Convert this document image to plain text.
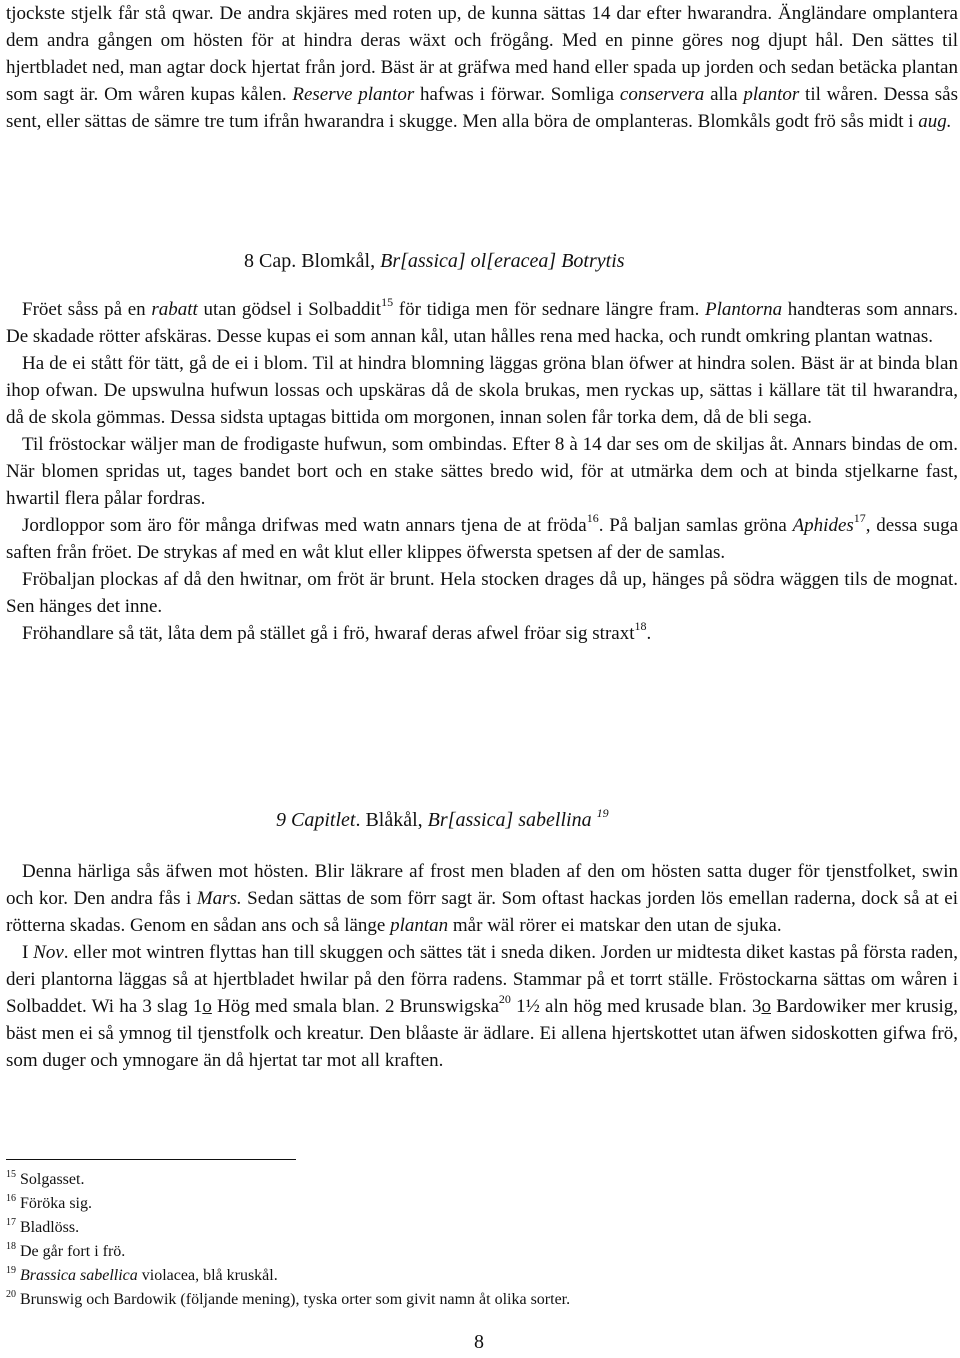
tjockste stjelk får stå qwar. De andra skjäres med roten up, de kunna sättas 14 dar efter hwarandra. Ängländare omplantera dem andra gången om hösten för at hindra deras wäxt och frögång. Med en pinne göres nog djupt hål. Den sättes til hjertbladet ned, man agtar dock hjertat från jord. Bäst är at gräfwa med hand eller spada up jorden och sedan betäcka plantan som sagt är. Om wåren kupas kålen. Reserve plantor hafwas i förwar. Somliga conservera alla plantor til wåren. Dessa sås sent, eller sättas de sämre tre tum ifrån hwarandra i skugge. Men alla böra de omplanteras. Blomkåls godt frö sås midt i aug.

8 Cap. Blomkål, Br[assica] ol[eracea] Botrytis

Fröet såss på en rabatt utan gödsel i Solbaddit$^{15}$ för tidiga men för sednare längre fram. Plantorna handteras som annars. De skadade rötter afskäras. Desse kupas ei som annan kål, utan hålles rena med hacka, och rundt omkring plantan watnas.

Ha de ei stått för tätt, gå de ei i blom. Til at hindra blomning läggas gröna blan öfwer at hindra solen. Bäst är at binda blan ihop ofwan. De upswulna hufwun lossas och upskäras då de skola brukas, men ryckas up, sättas i källare tät til hwarandra, då de skola gömmas. Dessa sidsta uptagas bittida om morgonen, innan solen får torka dem, då de bli sega.

Til fröstockar wäljer man de frodigaste hufwun, som ombindas. Efter 8 à 14 dar ses om de skiljas åt. Annars bindas de om. När blomen spridas ut, tages bandet bort och en stake sättes bredo wid, för at utmärka dem och at binda stjelkarne fast, hwartil flera pålar fordras.

Jordloppor som äro för många drifwas med watn annars tjena de at fröda$^{16}$. På baljan samlas gröna Aphides$^{17}$, dessa suga saften från fröet. De strykas af med en wåt klut eller klippes öfwersta spetsen af der de samlas.

Fröbaljan plockas af då den hwitnar, om fröt är brunt. Hela stocken drages då up, hänges på södra wäggen tils de mognat. Sen hänges det inne.

Fröhandlare så tät, låta dem på stället gå i frö, hwaraf deras afwel fröar sig straxt$^{18}$.

9 Capitlet. Blåkål, Br[assica] sabellina $^{19}$

Denna härliga sås äfwen mot hösten. Blir läkrare af frost men bladen af den om hösten satta duger för tjenstfolket, swin och kor. Den andra fås i Mars. Sedan sättas de som förr sagt är. Som oftast hackas jorden lös emellan raderna, dock så at ei rötterna skadas. Genom en sådan ans och så länge plantan mår wäl rörer ei matskar den utan de sjuka.

I Nov. eller mot wintren flyttas han till skuggen och sättes tät i sneda diken. Jorden ur midtesta diket kastas på första raden, deri plantorna läggas så at hjertbladet hwilar på den förra radens. Stammar på et torrt ställe. Fröstockarna sättas om wåren i Solbaddet. Wi ha 3 slag 1o Hög med smala blan. 2 Brunswigska$^{20}$ 1½ aln hög med krusade blan. 3o Bardowiker mer krusig, bäst men ei så ymnog til tjenstfolk och kreatur. Den blåaste är ädlare. Ei allena hjertskottet utan äfwen sidoskotten gifwa frö, som duger och ymnogare än då hjertat tar mot all kraften.

$^{15}$ Solgasset.

$^{16}$ Föröka sig.

$^{17}$ Bladlöss.

$^{18}$ De går fort i frö.

$^{19}$ Brassica sabellica violacea, blå kruskål.

$^{20}$ Brunswig och Bardowik (följande mening), tyska orter som givit namn åt olika sorter.

8
